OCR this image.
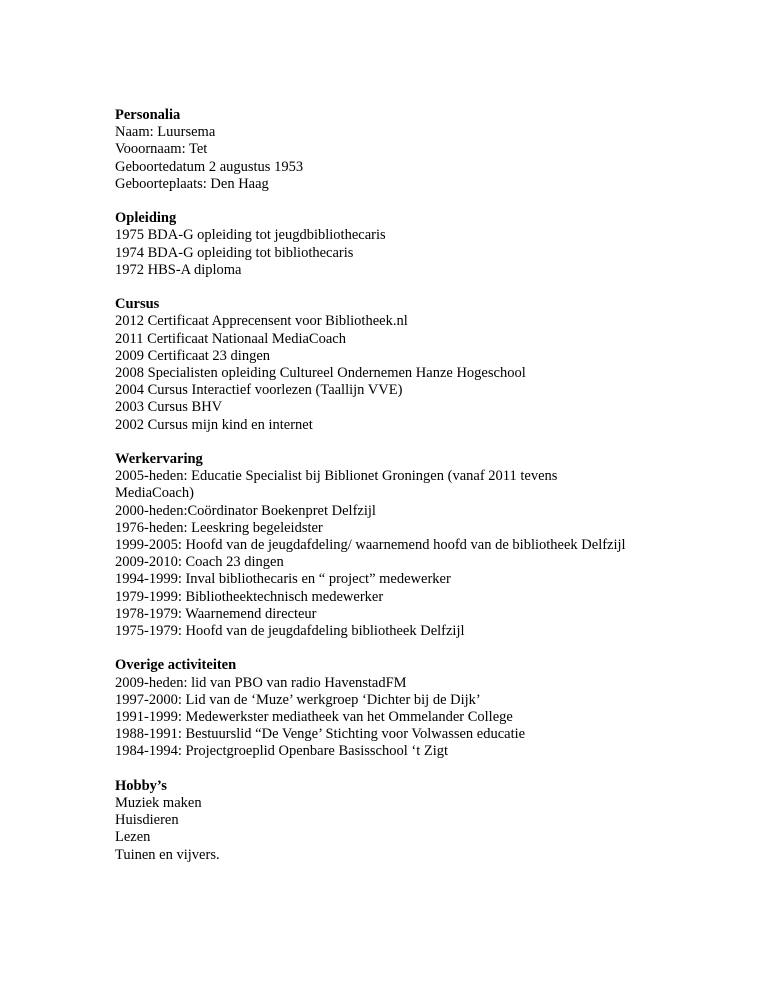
Personalia

Naam: Luursema

Vooornaam: Tet

Geboortedatum 2 augustus 1953

Geboorteplaats: Den Haag

Opleiding

1975 BDA-G opleiding tot jeugdbibliothecaris

1974 BDA-G opleiding tot bibliothecaris

1972 HBS-A diploma

Cursus

2012 Certificaat Apprecensent voor Bibliotheek.nl

2011 Certificaat Nationaal MediaCoach

2009 Certificaat 23 dingen

2008 Specialisten opleiding Cultureel Ondernemen Hanze Hogeschool

2004 Cursus Interactief voorlezen (Taallijn VVE)

2003 Cursus BHV

2002 Cursus mijn kind en internet

Werkervaring

2005-heden: Educatie Specialist bij Biblionet Groningen (vanaf 2011 tevens MediaCoach)

2000-heden:Coördinator Boekenpret Delfzijl

1976-heden: Leeskring begeleidster

1999-2005: Hoofd van de jeugdafdeling/ waarnemend hoofd van de bibliotheek Delfzijl

2009-2010: Coach 23 dingen

1994-1999: Inval bibliothecaris en “ project” medewerker

1979-1999: Bibliotheektechnisch medewerker

1978-1979: Waarnemend directeur

1975-1979: Hoofd van de jeugdafdeling bibliotheek Delfzijl

Overige activiteiten

2009-heden: lid van PBO van radio HavenstadFM

1997-2000: Lid van de ‘Muze’ werkgroep ‘Dichter bij de Dijk’

1991-1999: Medewerkster mediatheek van het Ommelander College

1988-1991: Bestuurslid “De Venge’ Stichting voor Volwassen educatie

1984-1994: Projectgroeplid Openbare Basisschool ‘t Zigt

Hobby’s

Muziek maken

Huisdieren

Lezen

Tuinen en vijvers.
